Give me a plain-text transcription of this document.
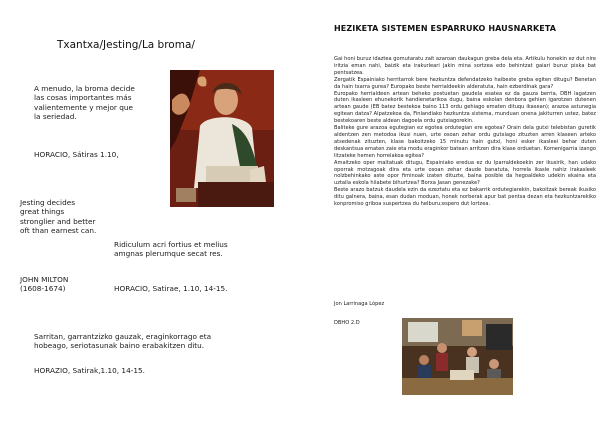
Txantxa/Jesting/La broma/
A menudo, la broma decide
las cosas importantes más
valientemente y mejor que
la seriedad.
HORACIO, Sátiras 1.10,
Jesting decides
great things
stronglier and better
oft than earnest can.
Ridiculum acri fortius et melius
amgnas plerumque secat res.
JOHN MILTON
(1608-1674)	HORACIO, Satirae, 1.10, 14-15.
Sarritan, garrantzizko gauzak, eraginkorrago eta
hobeago, seriotasunak baino erabakitzen ditu.
HORAZIO, Satirak,1.10, 14-15.
HEZIKETA SISTEMEN ESPARRUKO HAUSNARKETA

Gai honi buruz idaztea gomutaratu zait azaroan daukagun greba dela eta. Artikulu honekin ez dut nire iritzia eman nahi, baizik eta irakurleari jakin mina sortzea edo behintzat gaiari buruz pixka bat pentsatzea.

Zergatik Espainiako herritarrok bere hezkuntza defendatzeko haibeste greba egiten ditugu? Benetan da hain txarra gurea? Europako beste herrialdeekin alderatuta, hain ezberdinak gara?

Europako herrialdeen artean beheko postuetan gaudela esatea ez da gauza berria, DBH lagatzen duten ikasleen ehunekorik handienetarikoa dugu, baina eskolan denbora gehien igarotzen dutenen artean gaude (EB batez bestekoa baino 113 ordu gehiago ematen dituqu ikasean); arazoa astunegia egitean datza? Alpatzekoa da, Finlandiako hezkuntza sistema, munduan onena jakiturren ustez, batez bestekoaren beste aldean dagoela ordu gutxiagorekin.

Baliteke gure arazoa egutegian ez egotea ordutegian ere egotea? Orain dela gutxi telebistan guretik aldentzen zen metodoa ikusi nuen, urte osoan zehar ordu gutxiago zituzten arren klaseen arteko atsedenak zituzten, klase bakoitzeko 15 minutu hain gutxi, honi esker ikasleei behar duten deskantsua ematen zaie eta modu eraginkor batean arritzen dira klase orduetan. Komenigarria izango litzateke hemen horrelakoa egitea?

Amaitzeko oper maitatuak ditugu, Espainiako eredua ez du lparraldekoekin zer ikusirik, han udako oporrak motzagoak dira eta urte osoan zehar daude banatuta, horrela ikasle nahiz irakasleek nolzbehinkako aste opor fiminoak izaten dituzte, baina posible da hegoaldeko udekin ekaina eta uztaila eskola hilabete bihurtzea? Borxa Jasan genezake?

Beste arazo batzuk daudela ezin da ezeztatu eta ez bakarrik ordutegiarekin, bakoitzak bereak ikusiko ditu galnera, baina, esan dudan moduan, honek norberak apur bat pentsa dezan eta hezkuntzarekiko konpromiso griboa suspertzea du helburu;espero dut lortzea.

Jon Larrinaga López
DBHO 2.D
